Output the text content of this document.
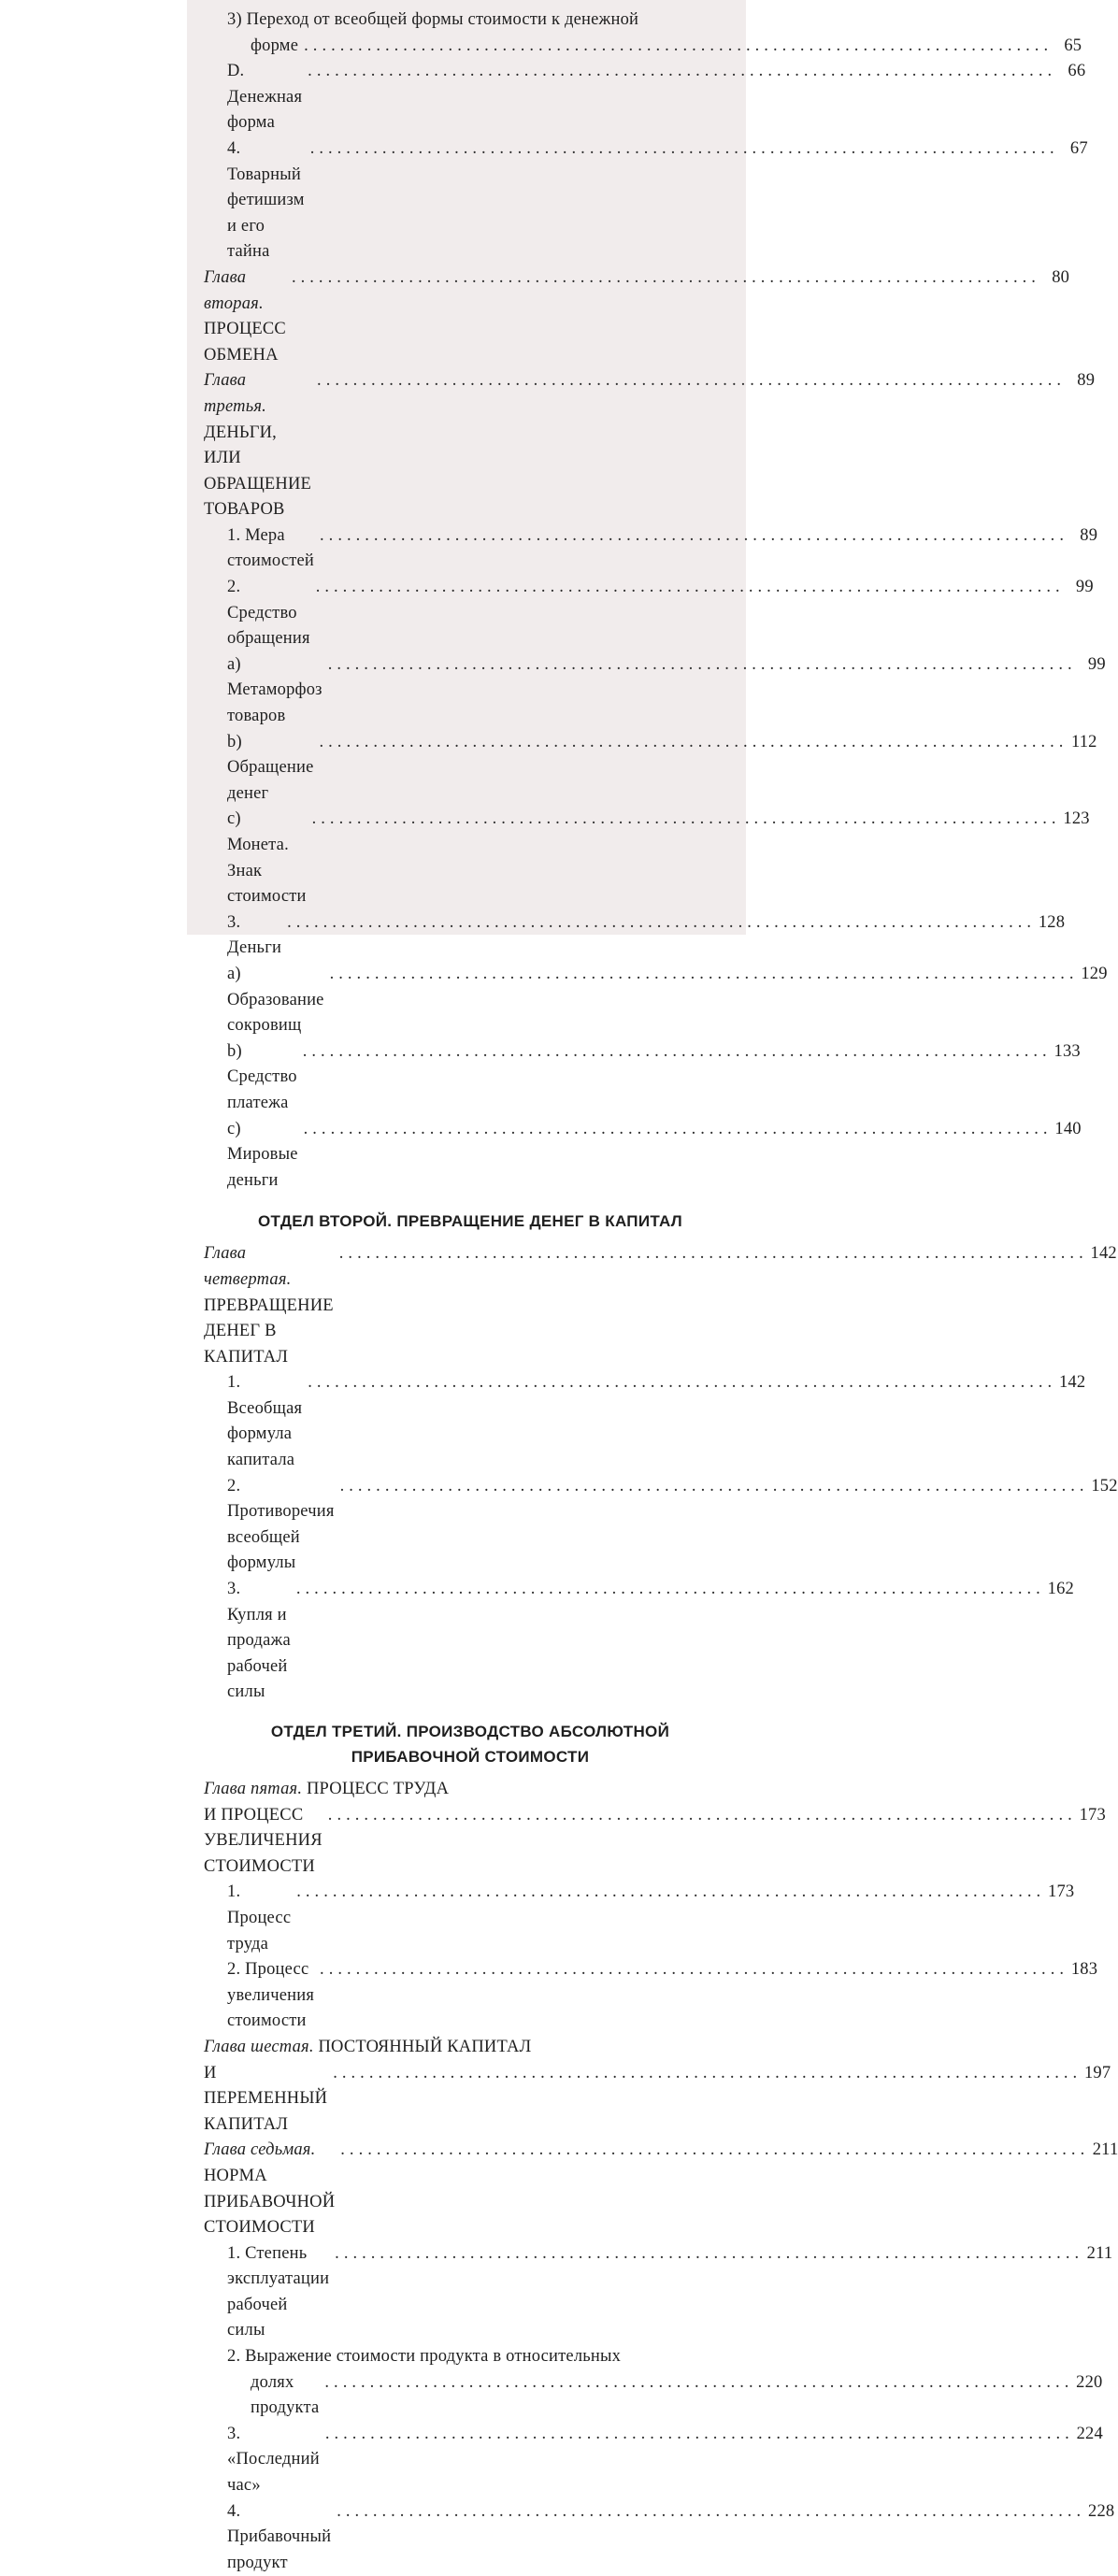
3) Переход от всеобщей формы стоимости к денежной
форме
. . .	65
D. Денежная форма
. . .
66
4. Товарный фетишизм и его тайна
. . .
67
Глава вторая. ПРОЦЕСС ОБМЕНА
. . .
80
Глава третья. ДЕНЬГИ, ИЛИ ОБРАЩЕНИЕ ТОВАРОВ
. . .
89
1. Мера стоимостей
. . .
89
2. Средство обращения
. . .
99
a) Метаморфоз товаров
. . .
99
b) Обращение денег
. . .
112
c) Монета. Знак стоимости
. . .
123
3. Деньги
. . .
128
a) Образование сокровищ
. . .
129
b) Средство платежа
. . .
133
c) Мировые деньги
. . .
140
ОТДЕЛ ВТОРОЙ. ПРЕВРАЩЕНИЕ ДЕНЕГ В КАПИТАЛ
Глава четвертая. ПРЕВРАЩЕНИЕ ДЕНЕГ В КАПИТАЛ
. . .
142
1. Всеобщая формула капитала
. . .
142
2. Противоречия всеобщей формулы
. . .
152
3. Купля и продажа рабочей силы
. . .
162
ОТДЕЛ ТРЕТИЙ. ПРОИЗВОДСТВО АБСОЛЮТНОЙ
ПРИБАВОЧНОЙ СТОИМОСТИ
Глава пятая. ПРОЦЕСС ТРУДА
И ПРОЦЕСС УВЕЛИЧЕНИЯ СТОИМОСТИ
. . .
173
1. Процесс труда
. . .
173
2. Процесс увеличения стоимости
. . .
183
Глава шестая. ПОСТОЯННЫЙ КАПИТАЛ
И ПЕРЕМЕННЫЙ КАПИТАЛ
. . .
197
Глава седьмая. НОРМА ПРИБАВОЧНОЙ СТОИМОСТИ
. . .
211
1. Степень эксплуатации рабочей силы
. . .
211
2. Выражение стоимости продукта в относительных
долях продукта
. . .
220
3. «Последний час»
. . .
224
4. Прибавочный продукт
. . .
228
